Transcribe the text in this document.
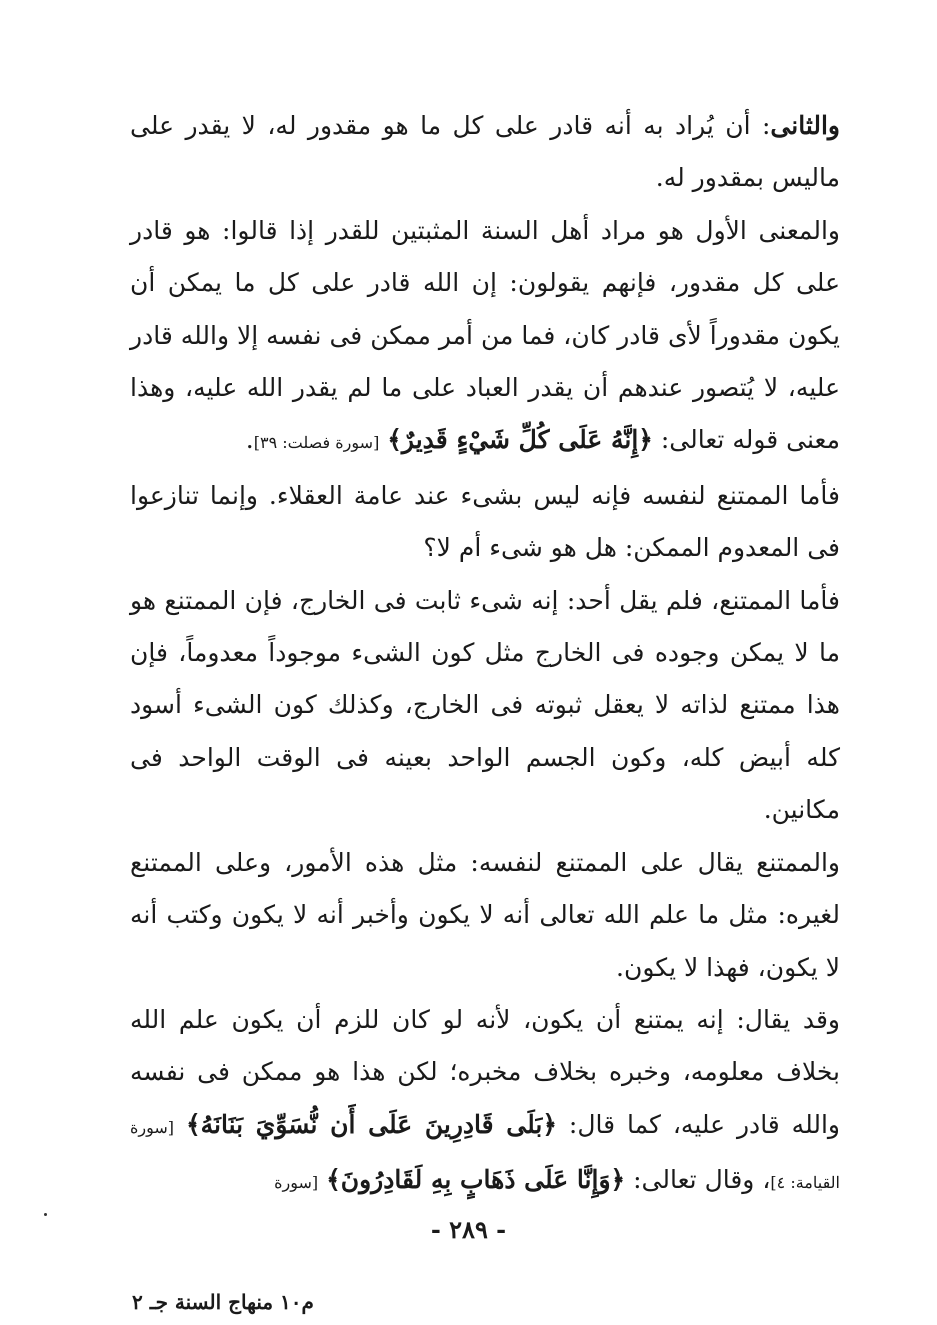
والثانى: أن يُراد به أنه قادر على كل ما هو مقدور له، لا يقدر على ماليس بمقدور له.

والمعنى الأول هو مراد أهل السنة المثبتين للقدر إذا قالوا: هو قادر على كل مقدور، فإنهم يقولون: إن الله قادر على كل ما يمكن أن يكون مقدوراً لأى قادر كان، فما من أمر ممكن فى نفسه إلا والله قادر عليه، لا يُتصور عندهم أن يقدر العباد على ما لم يقدر الله عليه، وهذا معنى قوله تعالى: ﴿إِنَّهُ عَلَى كُلِّ شَيْءٍ قَدِيرٌ﴾ [سورة فصلت: ٣٩].

فأما الممتنع لنفسه فإنه ليس بشىء عند عامة العقلاء. وإنما تنازعوا فى المعدوم الممكن: هل هو شىء أم لا؟

فأما الممتنع، فلم يقل أحد: إنه شىء ثابت فى الخارج، فإن الممتنع هو ما لا يمكن وجوده فى الخارج مثل كون الشىء موجوداً معدوماً، فإن هذا ممتنع لذاته لا يعقل ثبوته فى الخارج، وكذلك كون الشىء أسود كله أبيض كله، وكون الجسم الواحد بعينه فى الوقت الواحد فى مكانين.

والممتنع يقال على الممتنع لنفسه: مثل هذه الأمور، وعلى الممتنع لغيره: مثل ما علم الله تعالى أنه لا يكون وأخبر أنه لا يكون وكتب أنه لا يكون، فهذا لا يكون.

وقد يقال: إنه يمتنع أن يكون، لأنه لو كان للزم أن يكون علم الله بخلاف معلومه، وخبره بخلاف مخبره؛ لكن هذا هو ممكن فى نفسه والله قادر عليه، كما قال: ﴿بَلَى قَادِرِينَ عَلَى أَن نُّسَوِّيَ بَنَانَهُ﴾ [سورة القيامة: ٤]، وقال تعالى: ﴿وَإِنَّا عَلَى ذَهَابٍ بِهِ لَقَادِرُونَ﴾ [سورة

- ٢٨٩ -
م١٠ منهاج السنة جـ ٢
